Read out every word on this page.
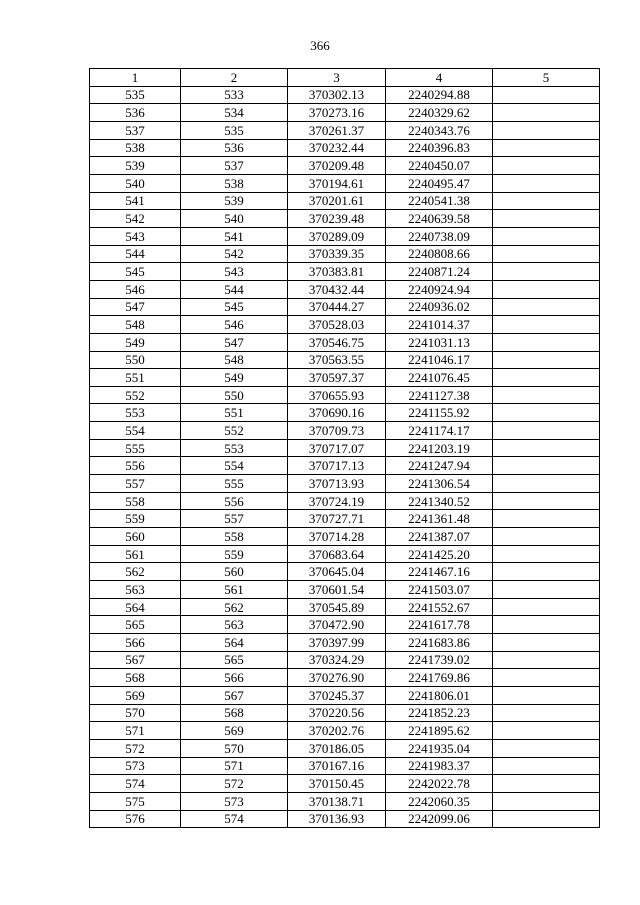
366
1	2	3	4	5
535	533	370302.13	2240294.88	
536	534	370273.16	2240329.62	
537	535	370261.37	2240343.76	
538	536	370232.44	2240396.83	
539	537	370209.48	2240450.07	
540	538	370194.61	2240495.47	
541	539	370201.61	2240541.38	
542	540	370239.48	2240639.58	
543	541	370289.09	2240738.09	
544	542	370339.35	2240808.66	
545	543	370383.81	2240871.24	
546	544	370432.44	2240924.94	
547	545	370444.27	2240936.02	
548	546	370528.03	2241014.37	
549	547	370546.75	2241031.13	
550	548	370563.55	2241046.17	
551	549	370597.37	2241076.45	
552	550	370655.93	2241127.38	
553	551	370690.16	2241155.92	
554	552	370709.73	2241174.17	
555	553	370717.07	2241203.19	
556	554	370717.13	2241247.94	
557	555	370713.93	2241306.54	
558	556	370724.19	2241340.52	
559	557	370727.71	2241361.48	
560	558	370714.28	2241387.07	
561	559	370683.64	2241425.20	
562	560	370645.04	2241467.16	
563	561	370601.54	2241503.07	
564	562	370545.89	2241552.67	
565	563	370472.90	2241617.78	
566	564	370397.99	2241683.86	
567	565	370324.29	2241739.02	
568	566	370276.90	2241769.86	
569	567	370245.37	2241806.01	
570	568	370220.56	2241852.23	
571	569	370202.76	2241895.62	
572	570	370186.05	2241935.04	
573	571	370167.16	2241983.37	
574	572	370150.45	2242022.78	
575	573	370138.71	2242060.35	
576	574	370136.93	2242099.06	
